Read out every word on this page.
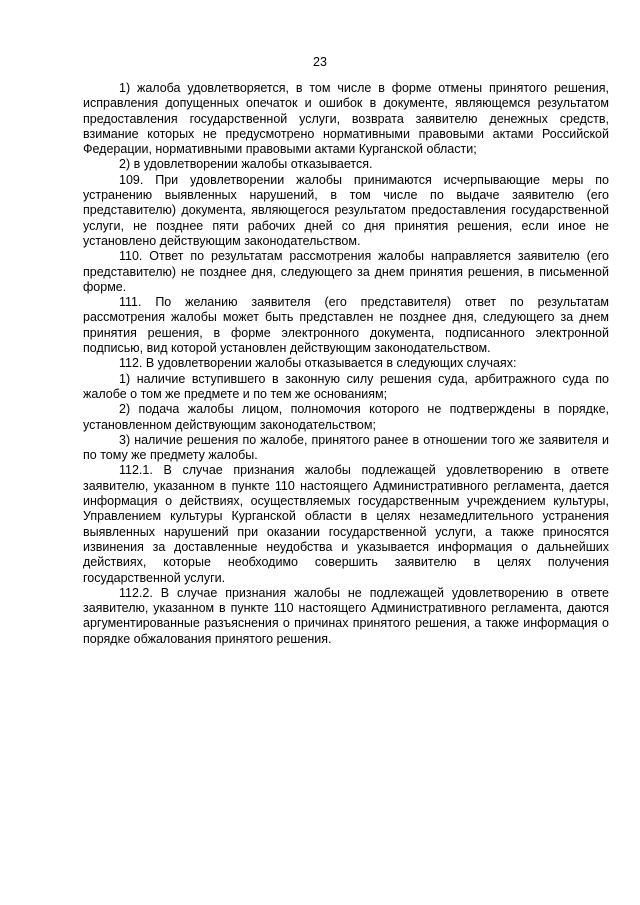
23

1) жалоба удовлетворяется, в том числе в форме отмены принятого решения, исправления допущенных опечаток и ошибок в документе, являющемся результатом предоставления государственной услуги, возврата заявителю денежных средств, взимание которых не предусмотрено нормативными правовыми актами Российской Федерации, нормативными правовыми актами Курганской области;

2) в удовлетворении жалобы отказывается.

109. При удовлетворении жалобы принимаются исчерпывающие меры по устранению выявленных нарушений, в том числе по выдаче заявителю (его представителю) документа, являющегося результатом предоставления государственной услуги, не позднее пяти рабочих дней со дня принятия решения, если иное не установлено действующим законодательством.

110. Ответ по результатам рассмотрения жалобы направляется заявителю (его представителю) не позднее дня, следующего за днем принятия решения, в письменной форме.

111. По желанию заявителя (его представителя) ответ по результатам рассмотрения жалобы может быть представлен не позднее дня, следующего за днем принятия решения, в форме электронного документа, подписанного электронной подписью, вид которой установлен действующим законодательством.

112. В удовлетворении жалобы отказывается в следующих случаях:

1) наличие вступившего в законную силу решения суда, арбитражного суда по жалобе о том же предмете и по тем же основаниям;

2) подача жалобы лицом, полномочия которого не подтверждены в порядке, установленном действующим законодательством;

3) наличие решения по жалобе, принятого ранее в отношении того же заявителя и по тому же предмету жалобы.

112.1. В случае признания жалобы подлежащей удовлетворению в ответе заявителю, указанном в пункте 110 настоящего Административного регламента, дается информация о действиях, осуществляемых государственным учреждением культуры, Управлением культуры Курганской области в целях незамедлительного устранения выявленных нарушений при оказании государственной услуги, а также приносятся извинения за доставленные неудобства и указывается информация о дальнейших действиях, которые необходимо совершить заявителю в целях получения государственной услуги.

112.2. В случае признания жалобы не подлежащей удовлетворению в ответе заявителю, указанном в пункте 110 настоящего Административного регламента, даются аргументированные разъяснения о причинах принятого решения, а также информация о порядке обжалования принятого решения.
